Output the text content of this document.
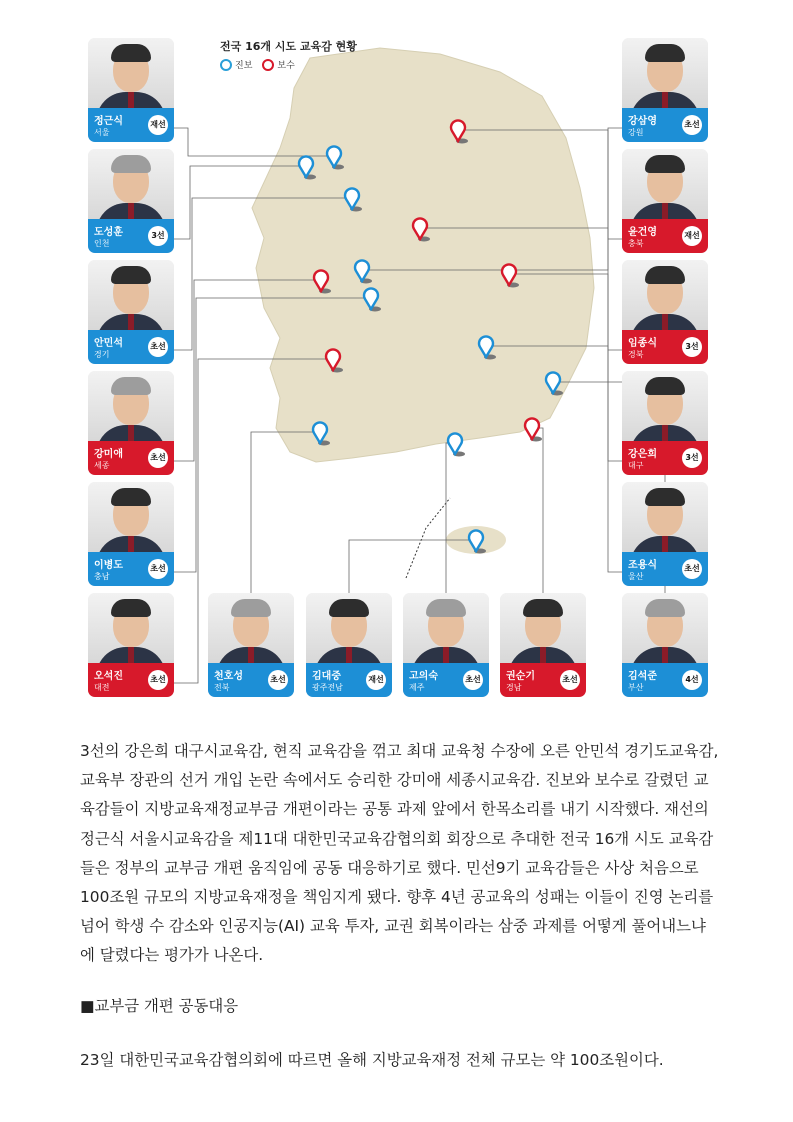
전국 16개 시도 교육감 현황
진보	보수
정근식
서울
재선
도성훈
인천
3선
안민석
경기
초선
강미애
세종
초선
이병도
충남
초선
오석진
대전
초선	천호성
전북
초선	김대중
광주전남
재선	고의숙
제주
초선	권순기
경남
초선	김석준
부산
4선
조용식
울산
초선
강은희
대구
3선
임종식
경북
3선
윤건영
충북
재선
강삼영
강원
초선

3선의 강은희 대구시교육감, 현직 교육감을 꺾고 최대 교육청 수장에 오른 안민석 경기도교육감, 교육부 장관의 선거 개입 논란 속에서도 승리한 강미애 세종시교육감. 진보와 보수로 갈렸던 교육감들이 지방교육재정교부금 개편이라는 공통 과제 앞에서 한목소리를 내기 시작했다. 재선의 정근식 서울시교육감을 제11대 대한민국교육감협의회 회장으로 추대한 전국 16개 시도 교육감들은 정부의 교부금 개편 움직임에 공동 대응하기로 했다. 민선9기 교육감들은 사상 처음으로 100조원 규모의 지방교육재정을 책임지게 됐다. 향후 4년 공교육의 성패는 이들이 진영 논리를 넘어 학생 수 감소와 인공지능(AI) 교육 투자, 교권 회복이라는 삼중 과제를 어떻게 풀어내느냐에 달렸다는 평가가 나온다.

■교부금 개편 공동대응

23일 대한민국교육감협의회에 따르면 올해 지방교육재정 전체 규모는 약 100조원이다.
